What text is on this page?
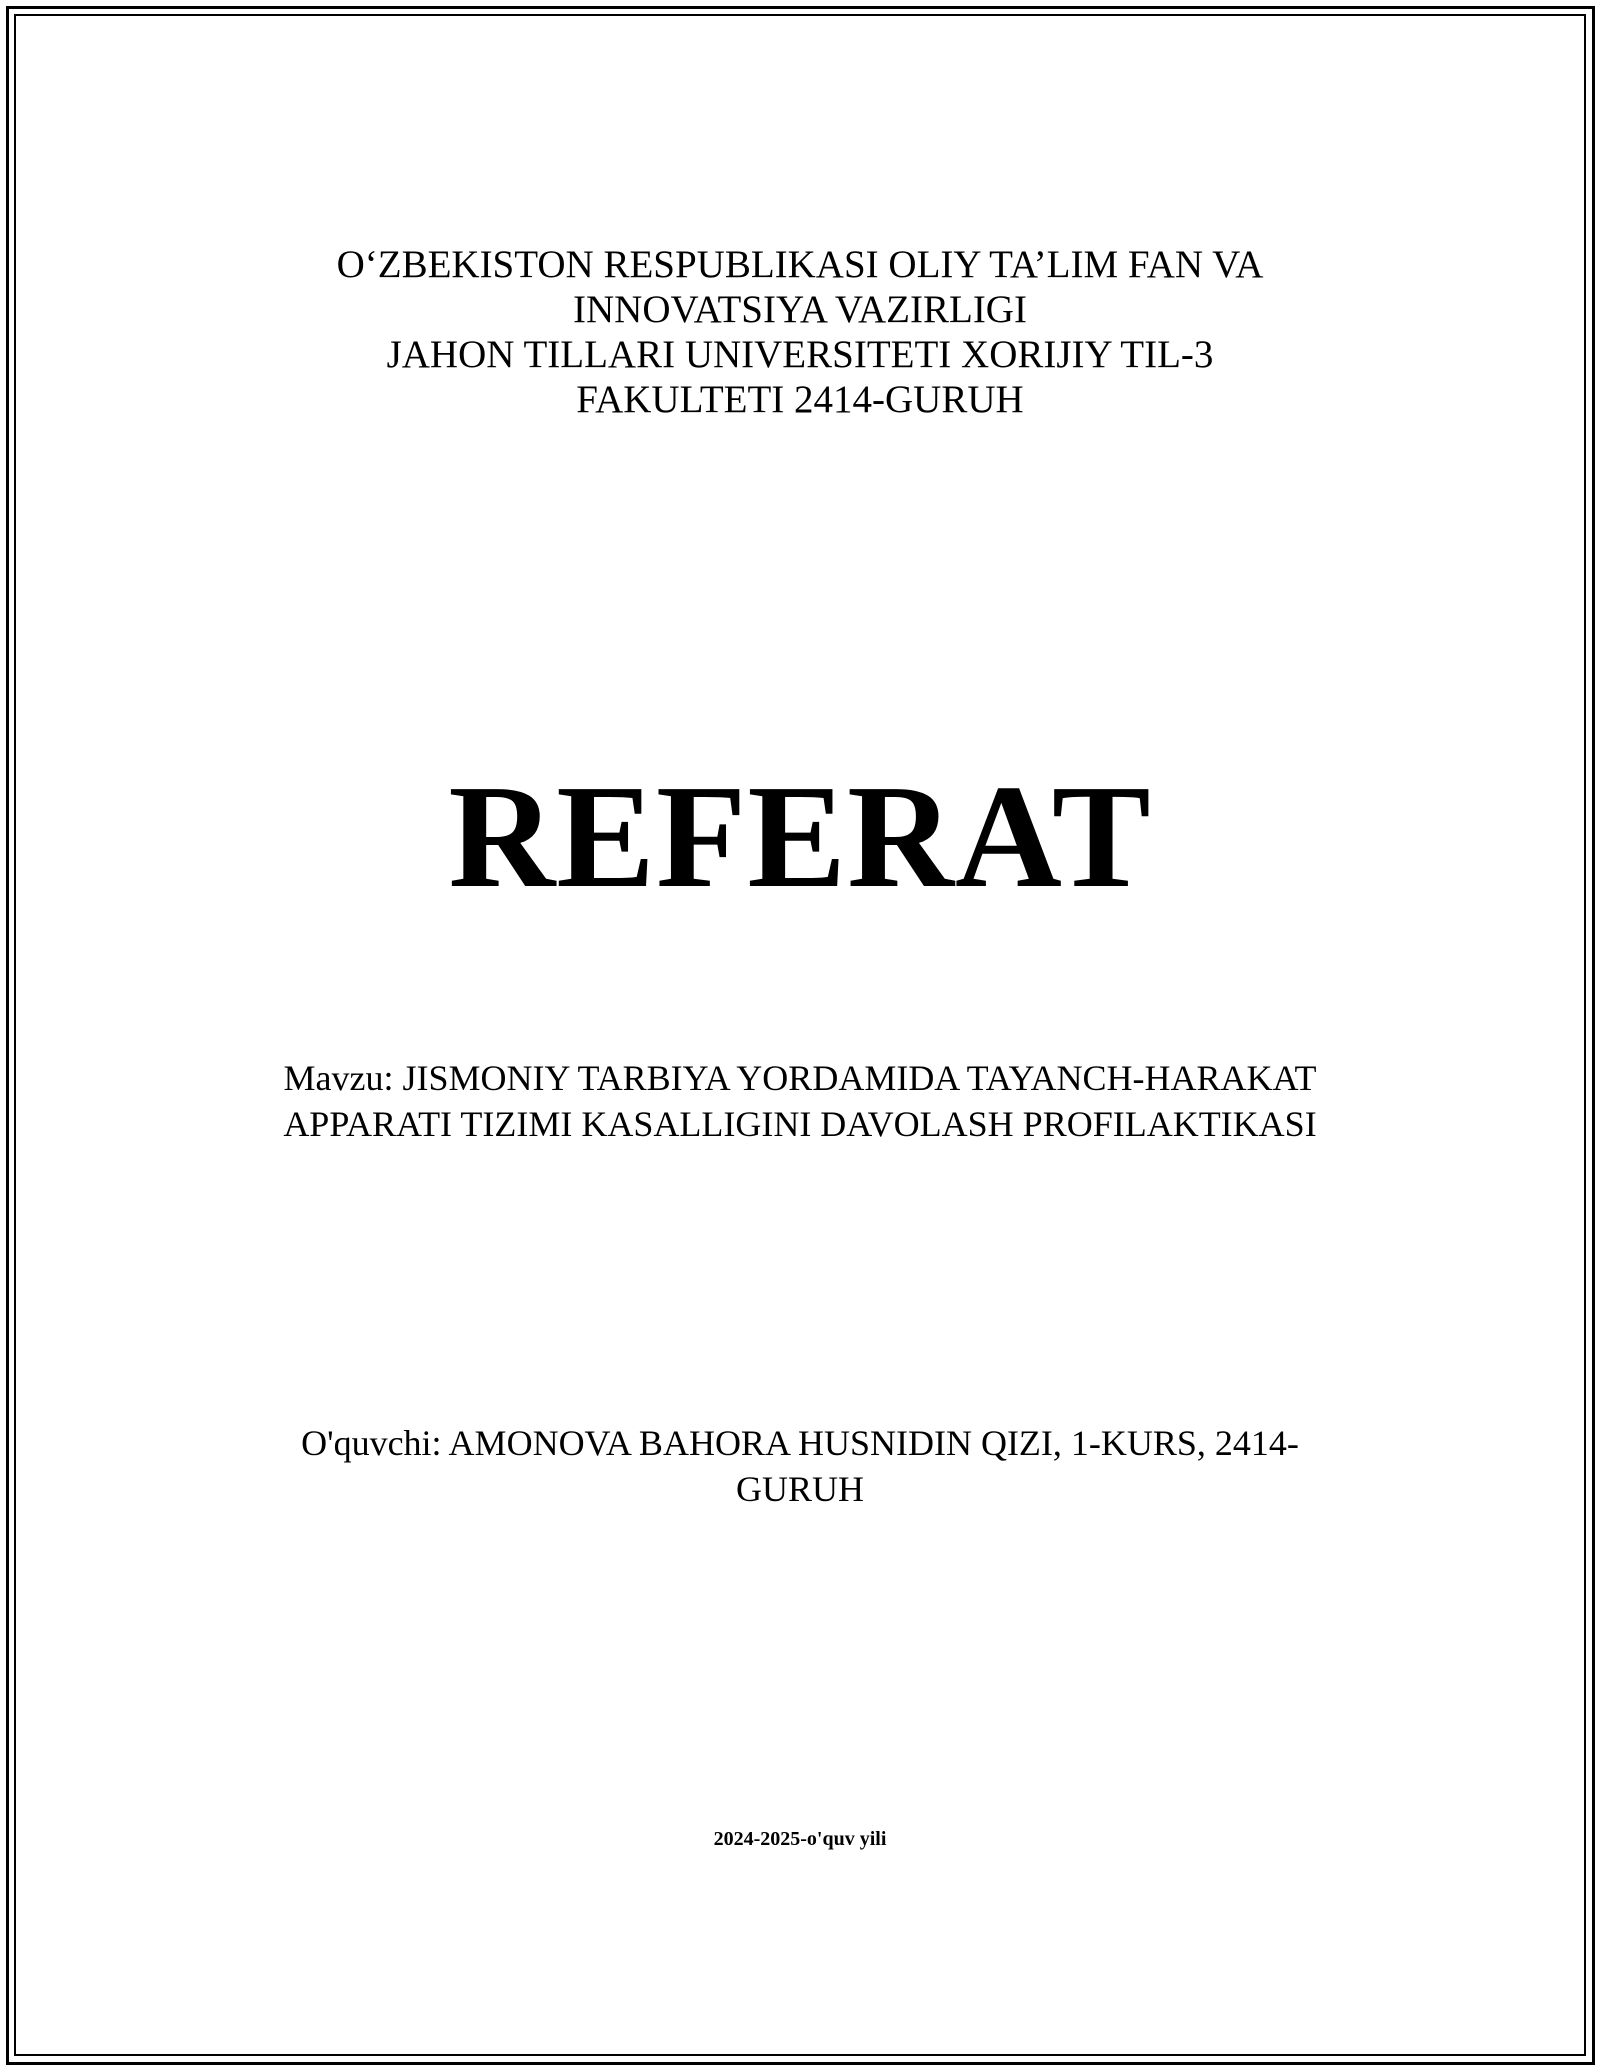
O‘ZBEKISTON RESPUBLIKASI OLIY TA’LIM FAN VA
INNOVATSIYA VAZIRLIGI
JAHON TILLARI UNIVERSITETI XORIJIY TIL-3
FAKULTETI 2414-GURUH
REFERAT
Mavzu: JISMONIY TARBIYA YORDAMIDA TAYANCH-HARAKAT
APPARATI TIZIMI KASALLIGINI DAVOLASH PROFILAKTIKASI
O'quvchi: AMONOVA BAHORA HUSNIDIN QIZI, 1-KURS, 2414-
GURUH
2024-2025-o'quv yili
